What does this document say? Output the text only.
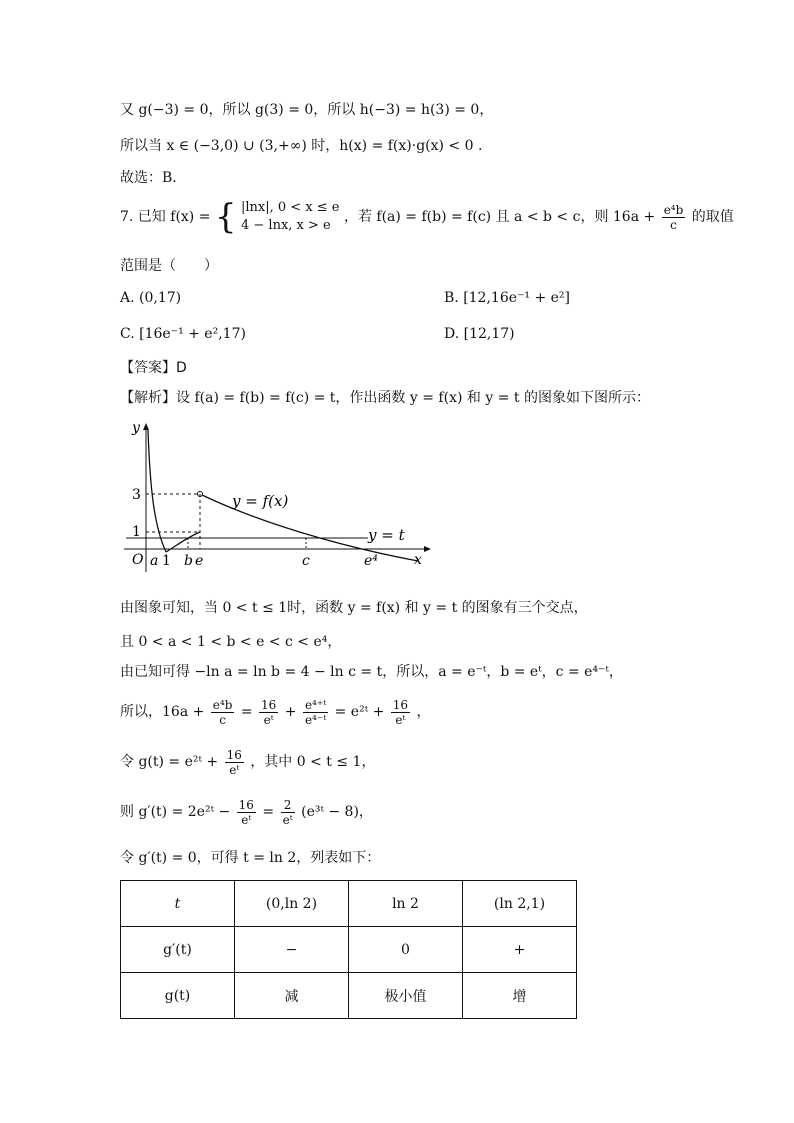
又 g(−3) = 0，所以 g(3) = 0，所以 h(−3) = h(3) = 0，
所以当 x ∈ (−3,0) ∪ (3,+∞) 时，h(x) = f(x)·g(x) < 0 .
故选：B.
7. 已知 f(x) = { |lnx|, 0 < x ≤ e
4 − lnx, x > e
，若 f(a) = f(b) = f(c) 且 a < b < c，则 $16a + \frac{\text{e⁴b}}{c}$ 的取值
范围是（　　）
A. (0,17)	B. [12,16e⁻¹ + e²]
C. [16e⁻¹ + e²,17)	D. [12,17)
【答案】D
【解析】设 f(a) = f(b) = f(c) = t，作出函数 y = f(x) 和 y = t 的图象如下图所示：
y
x
O
3
1
y = f(x)
y = t
a 1 b e	c	e⁴
由图象可知，当 0 < t ≤ 1时，函数 y = f(x) 和 y = t 的图象有三个交点，
且 0 < a < 1 < b < e < c < e⁴，
由已知可得 −ln a = ln b = 4 − ln c = t，所以，a = e⁻ᵗ，b = eᵗ，c = e⁴⁻ᵗ，
所以，$16a + \frac{\text{e⁴b}}{c} = \frac{16}{\text{eᵗ}} + \frac{\text{e⁴⁺ᵗ}}{\text{e⁴⁻ᵗ}}$ = e²ᵗ + $\frac{16}{\text{eᵗ}}$ ，
令 g(t) = e²ᵗ + $\frac{16}{\text{eᵗ}}$ ，其中 0 < t ≤ 1，
则 g′(t) = 2e²ᵗ − $\frac{16}{\text{eᵗ}} = \frac{2}{\text{eᵗ}}$ (e³ᵗ − 8)，
令 g′(t) = 0，可得 t = ln 2，列表如下：
t	(0,ln 2)	ln 2	(ln 2,1)
g′(t)	−	0	+
g(t)	减	极小值	增
